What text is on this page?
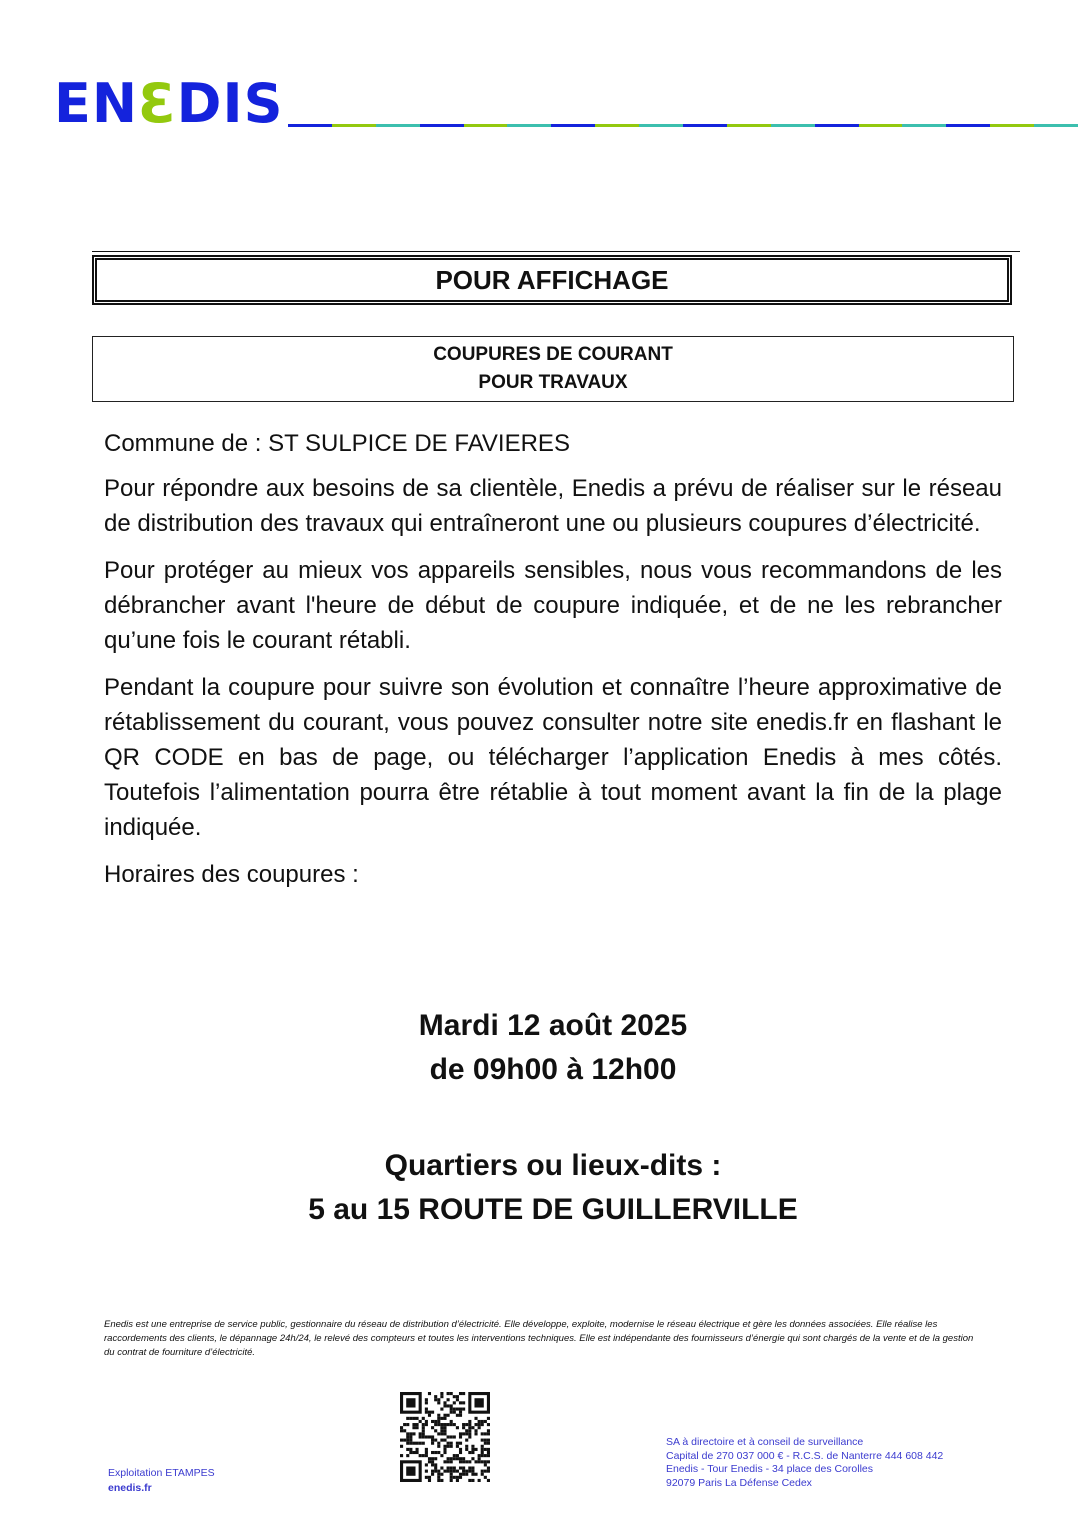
ENƐDIS
POUR AFFICHAGE
COUPURES DE COURANT
POUR TRAVAUX

Commune de : ST SULPICE DE FAVIERES

Pour répondre aux besoins de sa clientèle, Enedis a prévu de réaliser sur le réseau de distribution des travaux qui entraîneront une ou plusieurs coupures d’électricité.

Pour protéger au mieux vos appareils sensibles, nous vous recommandons de les débrancher avant l'heure de début de coupure indiquée, et de ne les rebrancher qu’une fois le courant rétabli.

Pendant la coupure pour suivre son évolution et connaître l’heure approximative de rétablissement du courant, vous pouvez consulter notre site enedis.fr en flashant le QR CODE en bas de page, ou télécharger l’application Enedis à mes côtés. Toutefois l’alimentation pourra être rétablie à tout moment avant la fin de la plage indiquée.

Horaires des coupures :

Mardi 12 août 2025
de 09h00 à 12h00
Quartiers ou lieux-dits :
5 au 15 ROUTE DE GUILLERVILLE
Enedis est une entreprise de service public, gestionnaire du réseau de distribution d’électricité. Elle développe, exploite, modernise le réseau électrique et gère les données associées. Elle réalise les raccordements des clients, le dépannage 24h/24, le relevé des compteurs et toutes les interventions techniques. Elle est indépendante des fournisseurs d’énergie qui sont chargés de la vente et de la gestion du contrat de fourniture d’électricité.
Exploitation ETAMPES
enedis.fr
SA à directoire et à conseil de surveillance
Capital de 270 037 000 € - R.C.S. de Nanterre 444 608 442
Enedis - Tour Enedis - 34 place des Corolles
92079 Paris La Défense Cedex
